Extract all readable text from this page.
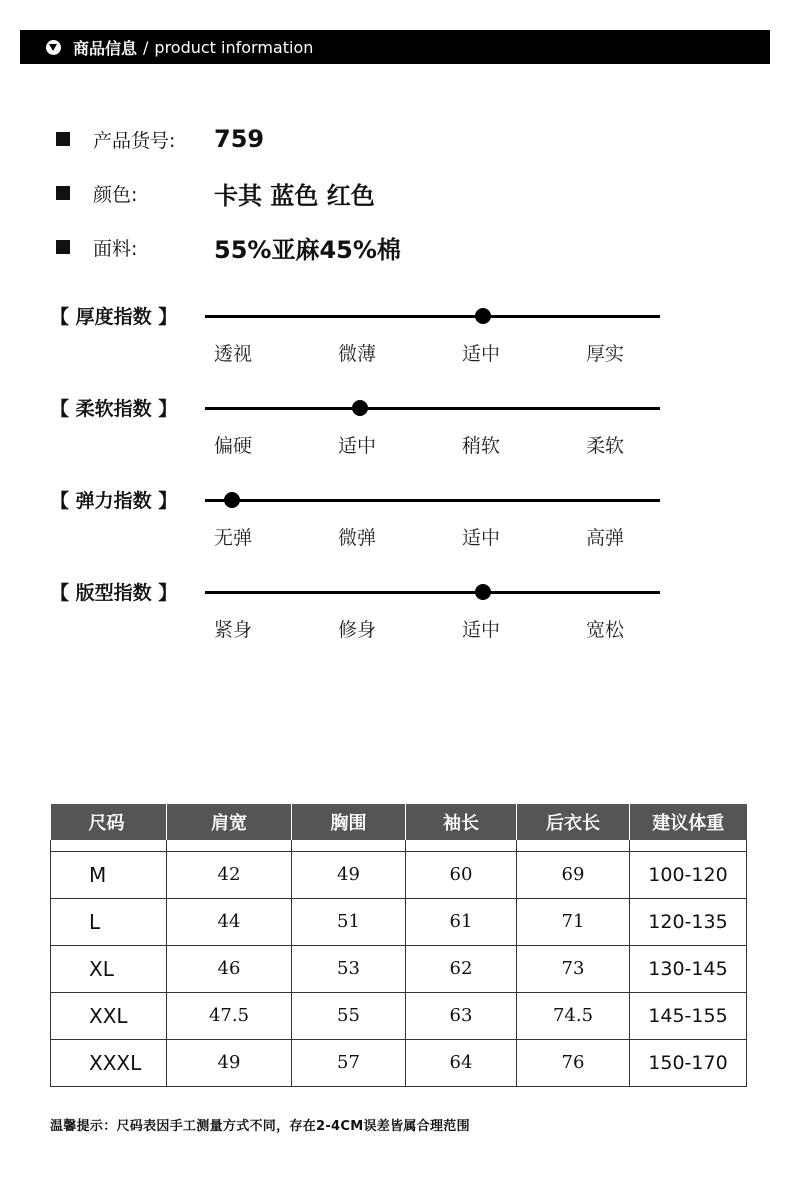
商品信息 / product information
产品货号:	759
颜色:	卡其 蓝色 红色
面料:	55%亚麻45%棉
【 厚度指数 】
透视	微薄	适中	厚实
【 柔软指数 】
偏硬	适中	稍软	柔软
【 弹力指数 】
无弹	微弹	适中	高弹
【 版型指数 】
紧身	修身	适中	宽松
尺码	肩宽	胸围	袖长	后衣长	建议体重

M	42	49	60	69	100-120
L	44	51	61	71	120-135
XL	46	53	62	73	130-145
XXL	47.5	55	63	74.5	145-155
XXXL	49	57	64	76	150-170
温馨提示：尺码表因手工测量方式不同，存在2-4CM误差皆属合理范围
